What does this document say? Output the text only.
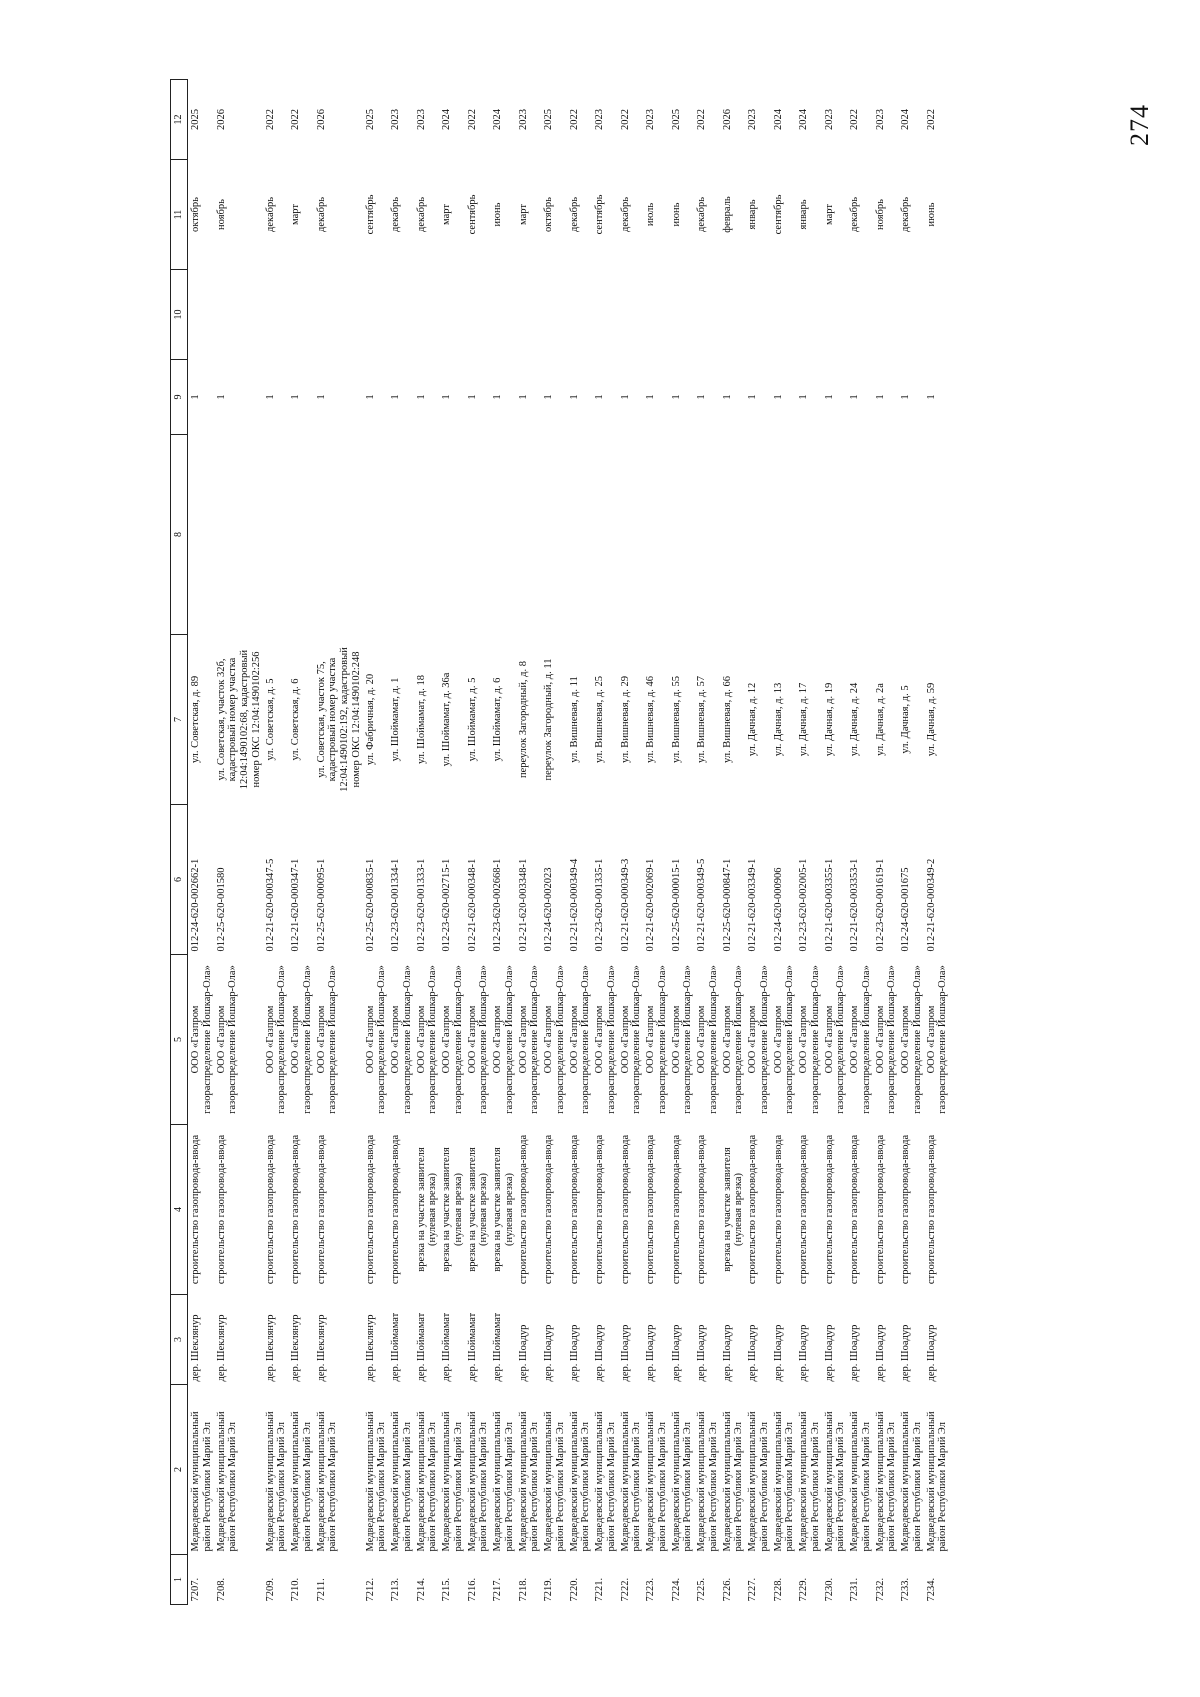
274
1	2	3	4	5	6	7	8	9	10	11	12
7207.	Медведевский муниципальный район Республики Марий Эл	дер. Шеклянур	строительство газопровода-ввода	ООО «Газпром газораспределение Йошкар-Ола»	012-24-620-002662-1	ул. Советская, д. 89		1		октябрь	2025
7208.	Медведевский муниципальный район Республики Марий Эл	дер. Шеклянур	строительство газопровода-ввода	ООО «Газпром газораспределение Йошкар-Ола»	012-25-620-001580	ул. Советская, участок 32б, кадастровый номер участка 12:04:1490102:68, кадастровый номер ОКС 12:04:1490102:256		1		ноябрь	2026
7209.	Медведевский муниципальный район Республики Марий Эл	дер. Шеклянур	строительство газопровода-ввода	ООО «Газпром газораспределение Йошкар-Ола»	012-21-620-000347-5	ул. Советская, д. 5		1		декабрь	2022
7210.	Медведевский муниципальный район Республики Марий Эл	дер. Шеклянур	строительство газопровода-ввода	ООО «Газпром газораспределение Йошкар-Ола»	012-21-620-000347-1	ул. Советская, д. 6		1		март	2022
7211.	Медведевский муниципальный район Республики Марий Эл	дер. Шеклянур	строительство газопровода-ввода	ООО «Газпром газораспределение Йошкар-Ола»	012-25-620-000095-1	ул. Советская, участок 75, кадастровый номер участка 12:04:1490102:192, кадастровый номер ОКС 12:04:1490102:248		1		декабрь	2026
7212.	Медведевский муниципальный район Республики Марий Эл	дер. Шеклянур	строительство газопровода-ввода	ООО «Газпром газораспределение Йошкар-Ола»	012-25-620-000835-1	ул. Фабричная, д. 20		1		сентябрь	2025
7213.	Медведевский муниципальный район Республики Марий Эл	дер. Шоймамат	строительство газопровода-ввода	ООО «Газпром газораспределение Йошкар-Ола»	012-23-620-001334-1	ул. Шоймамат, д. 1		1		декабрь	2023
7214.	Медведевский муниципальный район Республики Марий Эл	дер. Шоймамат	врезка на участке заявителя (нулевая врезка)	ООО «Газпром газораспределение Йошкар-Ола»	012-23-620-001333-1	ул. Шоймамат, д. 18		1		декабрь	2023
7215.	Медведевский муниципальный район Республики Марий Эл	дер. Шоймамат	врезка на участке заявителя (нулевая врезка)	ООО «Газпром газораспределение Йошкар-Ола»	012-23-620-002715-1	ул. Шоймамат, д. 36а		1		март	2024
7216.	Медведевский муниципальный район Республики Марий Эл	дер. Шоймамат	врезка на участке заявителя (нулевая врезка)	ООО «Газпром газораспределение Йошкар-Ола»	012-21-620-000348-1	ул. Шоймамат, д. 5		1		сентябрь	2022
7217.	Медведевский муниципальный район Республики Марий Эл	дер. Шоймамат	врезка на участке заявителя (нулевая врезка)	ООО «Газпром газораспределение Йошкар-Ола»	012-23-620-002668-1	ул. Шоймамат, д. 6		1		июнь	2024
7218.	Медведевский муниципальный район Республики Марий Эл	дер. Шоадур	строительство газопровода-ввода	ООО «Газпром газораспределение Йошкар-Ола»	012-21-620-003348-1	переулок Загородный, д. 8		1		март	2023
7219.	Медведевский муниципальный район Республики Марий Эл	дер. Шоадур	строительство газопровода-ввода	ООО «Газпром газораспределение Йошкар-Ола»	012-24-620-002023	переулок Загородный, д. 11		1		октябрь	2025
7220.	Медведевский муниципальный район Республики Марий Эл	дер. Шоадур	строительство газопровода-ввода	ООО «Газпром газораспределение Йошкар-Ола»	012-21-620-000349-4	ул. Вишневая, д. 11		1		декабрь	2022
7221.	Медведевский муниципальный район Республики Марий Эл	дер. Шоадур	строительство газопровода-ввода	ООО «Газпром газораспределение Йошкар-Ола»	012-23-620-001335-1	ул. Вишневая, д. 25		1		сентябрь	2023
7222.	Медведевский муниципальный район Республики Марий Эл	дер. Шоадур	строительство газопровода-ввода	ООО «Газпром газораспределение Йошкар-Ола»	012-21-620-000349-3	ул. Вишневая, д. 29		1		декабрь	2022
7223.	Медведевский муниципальный район Республики Марий Эл	дер. Шоадур	строительство газопровода-ввода	ООО «Газпром газораспределение Йошкар-Ола»	012-21-620-002069-1	ул. Вишневая, д. 46		1		июль	2023
7224.	Медведевский муниципальный район Республики Марий Эл	дер. Шоадур	строительство газопровода-ввода	ООО «Газпром газораспределение Йошкар-Ола»	012-25-620-000015-1	ул. Вишневая, д. 55		1		июнь	2025
7225.	Медведевский муниципальный район Республики Марий Эл	дер. Шоадур	строительство газопровода-ввода	ООО «Газпром газораспределение Йошкар-Ола»	012-21-620-000349-5	ул. Вишневая, д. 57		1		декабрь	2022
7226.	Медведевский муниципальный район Республики Марий Эл	дер. Шоадур	врезка на участке заявителя (нулевая врезка)	ООО «Газпром газораспределение Йошкар-Ола»	012-25-620-000847-1	ул. Вишневая, д. 66		1		февраль	2026
7227.	Медведевский муниципальный район Республики Марий Эл	дер. Шоадур	строительство газопровода-ввода	ООО «Газпром газораспределение Йошкар-Ола»	012-21-620-003349-1	ул. Дачная, д. 12		1		январь	2023
7228.	Медведевский муниципальный район Республики Марий Эл	дер. Шоадур	строительство газопровода-ввода	ООО «Газпром газораспределение Йошкар-Ола»	012-24-620-000906	ул. Дачная, д. 13		1		сентябрь	2024
7229.	Медведевский муниципальный район Республики Марий Эл	дер. Шоадур	строительство газопровода-ввода	ООО «Газпром газораспределение Йошкар-Ола»	012-23-620-002005-1	ул. Дачная, д. 17		1		январь	2024
7230.	Медведевский муниципальный район Республики Марий Эл	дер. Шоадур	строительство газопровода-ввода	ООО «Газпром газораспределение Йошкар-Ола»	012-21-620-003355-1	ул. Дачная, д. 19		1		март	2023
7231.	Медведевский муниципальный район Республики Марий Эл	дер. Шоадур	строительство газопровода-ввода	ООО «Газпром газораспределение Йошкар-Ола»	012-21-620-003353-1	ул. Дачная, д. 24		1		декабрь	2022
7232.	Медведевский муниципальный район Республики Марий Эл	дер. Шоадур	строительство газопровода-ввода	ООО «Газпром газораспределение Йошкар-Ола»	012-23-620-001619-1	ул. Дачная, д. 2а		1		ноябрь	2023
7233.	Медведевский муниципальный район Республики Марий Эл	дер. Шоадур	строительство газопровода-ввода	ООО «Газпром газораспределение Йошкар-Ола»	012-24-620-001675	ул. Дачная, д. 5		1		декабрь	2024
7234.	Медведевский муниципальный район Республики Марий Эл	дер. Шоадур	строительство газопровода-ввода	ООО «Газпром газораспределение Йошкар-Ола»	012-21-620-000349-2	ул. Дачная, д. 59		1		июнь	2022
